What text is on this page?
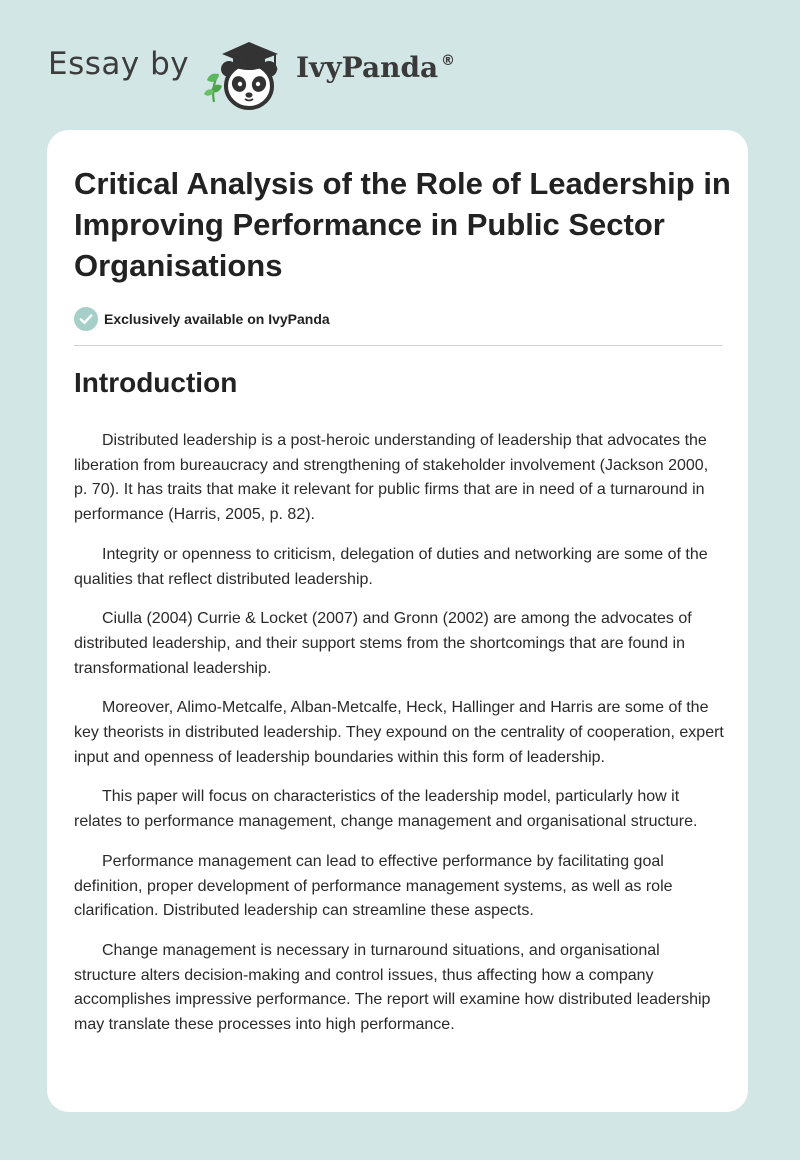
Essay by	IvyPanda ®
Critical Analysis of the Role of Leadership in Improving Performance in Public Sector Organisations
Exclusively available on IvyPanda
Introduction

Distributed leadership is a post-heroic understanding of leadership that advocates the liberation from bureaucracy and strengthening of stakeholder involvement (Jackson 2000, p. 70). It has traits that make it relevant for public firms that are in need of a turnaround in performance (Harris, 2005, p. 82).

Integrity or openness to criticism, delegation of duties and networking are some of the qualities that reflect distributed leadership.

Ciulla (2004) Currie & Locket (2007) and Gronn (2002) are among the advocates of distributed leadership, and their support stems from the shortcomings that are found in transformational leadership.

Moreover, Alimo-Metcalfe, Alban-Metcalfe, Heck, Hallinger and Harris are some of the key theorists in distributed leadership. They expound on the centrality of cooperation, expert input and openness of leadership boundaries within this form of leadership.

This paper will focus on characteristics of the leadership model, particularly how it relates to performance management, change management and organisational structure.

Performance management can lead to effective performance by facilitating goal definition, proper development of performance management systems, as well as role clarification. Distributed leadership can streamline these aspects.

Change management is necessary in turnaround situations, and organisational structure alters decision-making and control issues, thus affecting how a company accomplishes impressive performance. The report will examine how distributed leadership may translate these processes into high performance.
